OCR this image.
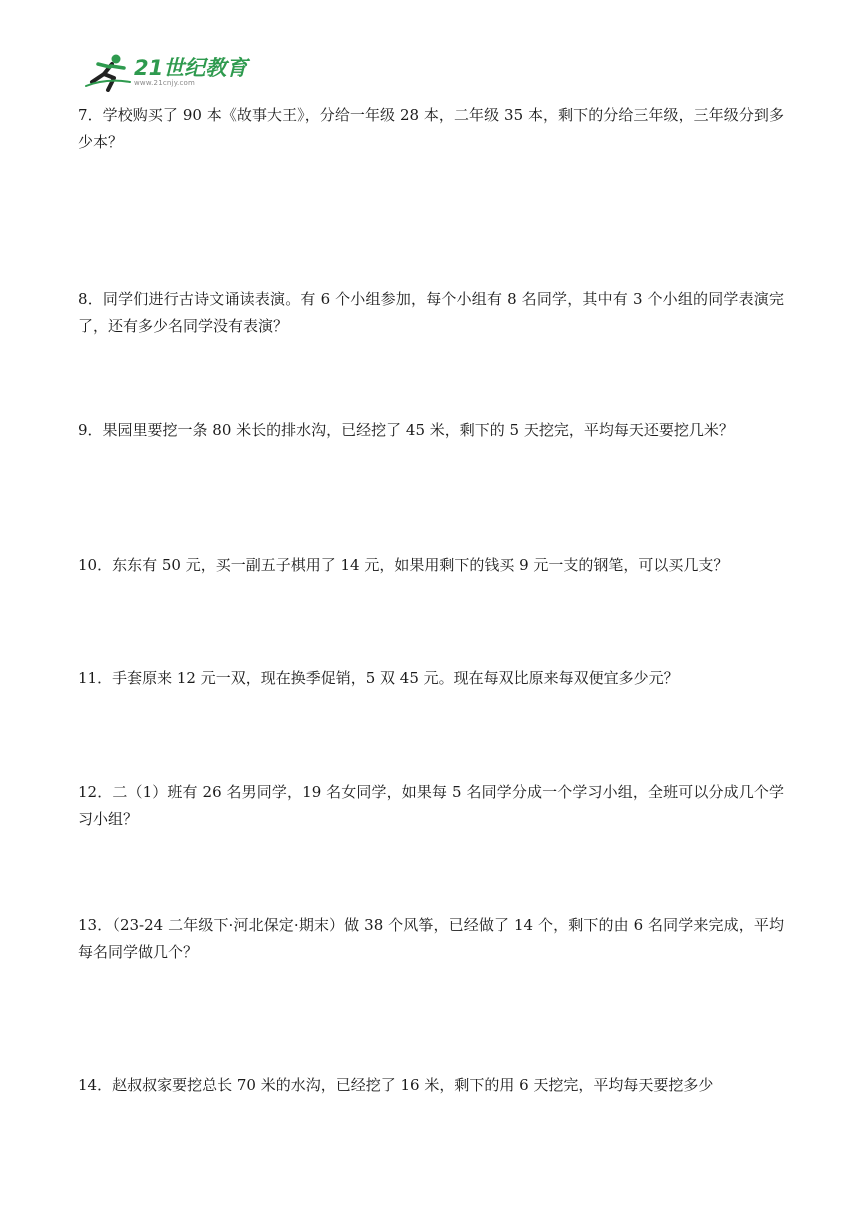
21世纪教育
www.21cnjy.com

7．学校购买了 90 本《故事大王》，分给一年级 28 本，二年级 35 本，剩下的分给三年级，三年级分到多少本？

8．同学们进行古诗文诵读表演。有 6 个小组参加，每个小组有 8 名同学，其中有 3 个小组的同学表演完了，还有多少名同学没有表演？

9．果园里要挖一条 80 米长的排水沟，已经挖了 45 米，剩下的 5 天挖完，平均每天还要挖几米？

10．东东有 50 元，买一副五子棋用了 14 元，如果用剩下的钱买 9 元一支的钢笔，可以买几支？

11．手套原来 12 元一双，现在换季促销，5 双 45 元。现在每双比原来每双便宜多少元？

12．二（1）班有 26 名男同学，19 名女同学，如果每 5 名同学分成一个学习小组，全班可以分成几个学习小组？

13．（23-24 二年级下·河北保定·期末）做 38 个风筝，已经做了 14 个，剩下的由 6 名同学来完成，平均每名同学做几个？

14．赵叔叔家要挖总长 70 米的水沟，已经挖了 16 米，剩下的用 6 天挖完，平均每天要挖多少
